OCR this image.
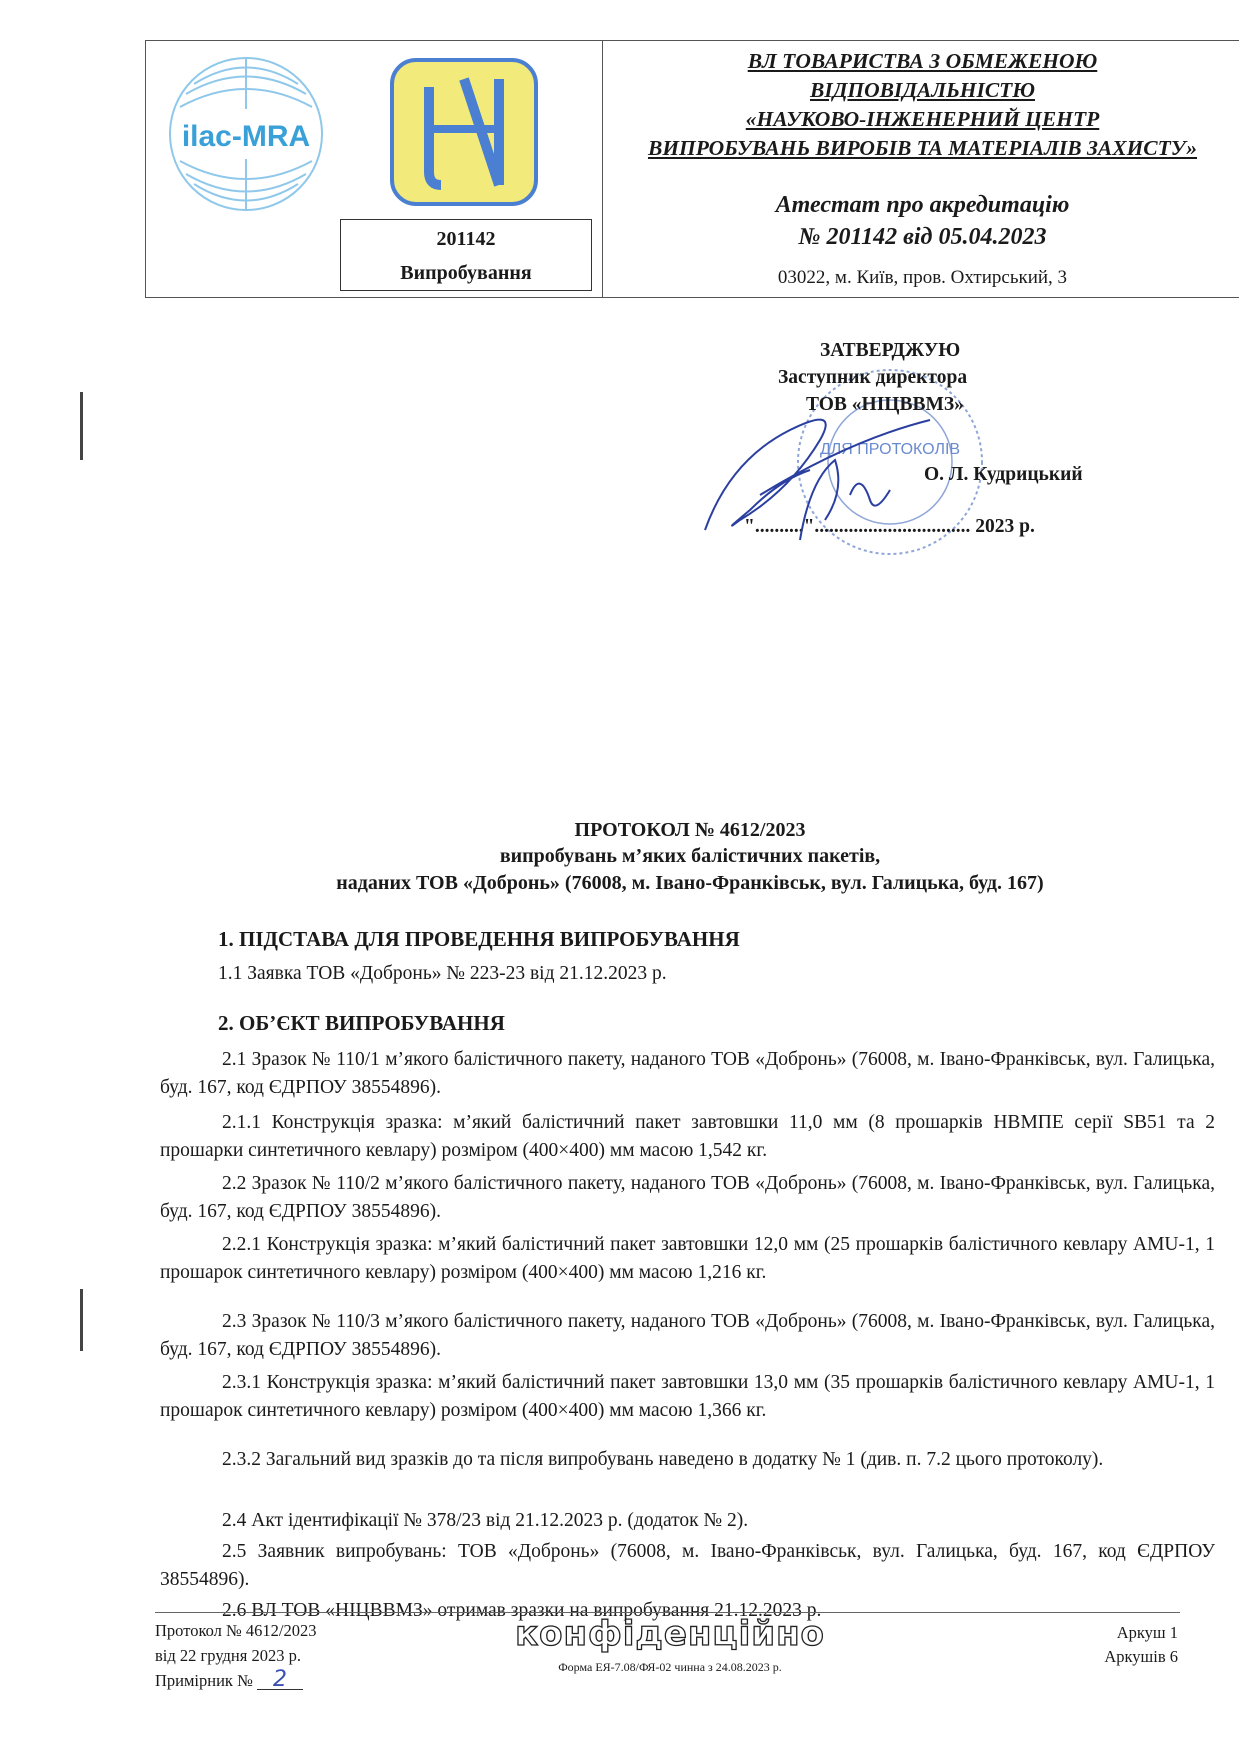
ilac-MRA
201142
Випробування
ВЛ ТОВАРИСТВА З ОБМЕЖЕНОЮ
ВІДПОВІДАЛЬНІСТЮ
«НАУКОВО-ІНЖЕНЕРНИЙ ЦЕНТР
ВИПРОБУВАНЬ ВИРОБІВ ТА МАТЕРІАЛІВ ЗАХИСТУ»
Атестат про акредитацію
№ 201142 від 05.04.2023
03022, м. Київ, пров. Охтирський, 3
ДЛЯ ПРОТОКОЛІВ
ЗАТВЕРДЖУЮ
Заступник директора
ТОВ «НІЦВВМЗ»
О. Л. Кудрицький
".........."................................ 2023 р.
ПРОТОКОЛ № 4612/2023
випробувань м’яких балістичних пакетів,
наданих ТОВ «Добронь» (76008, м. Івано-Франківськ, вул. Галицька, буд. 167)
1. ПІДСТАВА ДЛЯ ПРОВЕДЕННЯ ВИПРОБУВАННЯ
1.1 Заявка ТОВ «Добронь» № 223-23 від 21.12.2023 р.
2. ОБ’ЄКТ ВИПРОБУВАННЯ
2.1 Зразок № 110/1 м’якого балістичного пакету, наданого ТОВ «Добронь» (76008, м. Івано-Франківськ, вул. Галицька, буд. 167, код ЄДРПОУ 38554896).
2.1.1 Конструкція зразка: м’який балістичний пакет завтовшки 11,0 мм (8 прошарків НВМПЕ серії SB51 та 2 прошарки синтетичного кевлару) розміром (400×400) мм масою 1,542 кг.
2.2 Зразок № 110/2 м’якого балістичного пакету, наданого ТОВ «Добронь» (76008, м. Івано-Франківськ, вул. Галицька, буд. 167, код ЄДРПОУ 38554896).
2.2.1 Конструкція зразка: м’який балістичний пакет завтовшки 12,0 мм (25 прошарків балістичного кевлару АМU-1, 1 прошарок синтетичного кевлару) розміром (400×400) мм масою 1,216 кг.
2.3 Зразок № 110/3 м’якого балістичного пакету, наданого ТОВ «Добронь» (76008, м. Івано-Франківськ, вул. Галицька, буд. 167, код ЄДРПОУ 38554896).
2.3.1 Конструкція зразка: м’який балістичний пакет завтовшки 13,0 мм (35 прошарків балістичного кевлару АМU-1, 1 прошарок синтетичного кевлару) розміром (400×400) мм масою 1,366 кг.
2.3.2 Загальний вид зразків до та після випробувань наведено в додатку № 1 (див. п. 7.2 цього протоколу).
2.4 Акт ідентифікації № 378/23 від 21.12.2023 р. (додаток № 2).
2.5 Заявник випробувань: ТОВ «Добронь» (76008, м. Івано-Франківськ, вул. Галицька, буд. 167, код ЄДРПОУ 38554896).
2.6 ВЛ ТОВ «НІЦВВМЗ» отримав зразки на випробування 21.12.2023 р.
Протокол № 4612/2023
від 22 грудня 2023 р.
Примірник № 2
конфіденційно
Форма ЕЯ-7.08/ФЯ-02 чинна з 24.08.2023 р.
Аркуш 1
Аркушів 6
